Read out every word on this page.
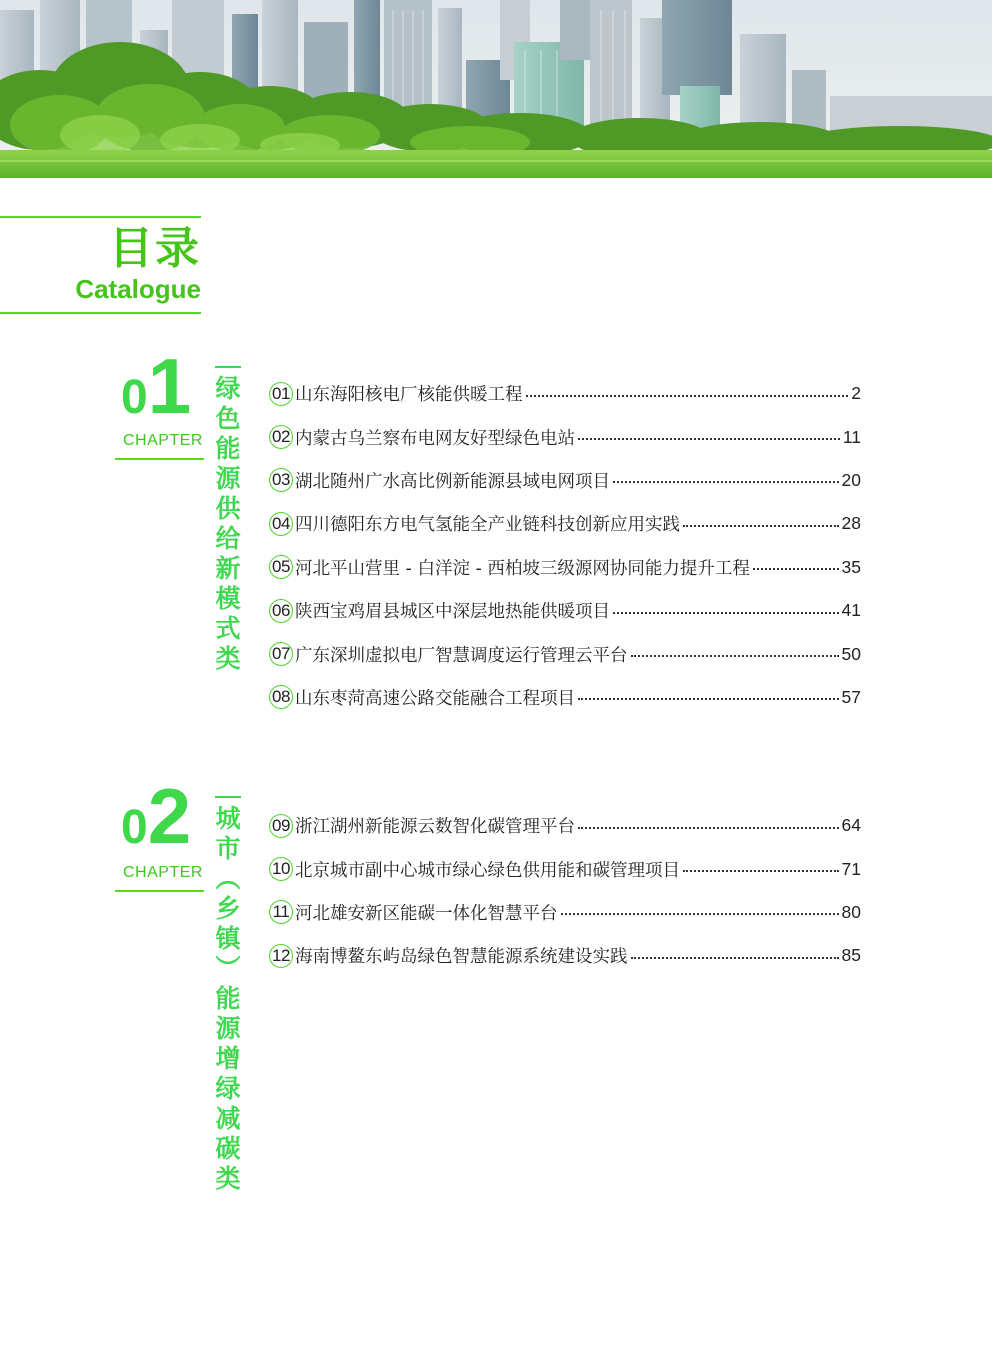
目录
Catalogue
01
CHAPTER
绿
色
能
源
供
给
新
模
式
类
01 山东海阳核电厂核能供暖工程	2
02 内蒙古乌兰察布电网友好型绿色电站	11
03 湖北随州广水高比例新能源县域电网项目	20
04 四川德阳东方电气氢能全产业链科技创新应用实践	28
05 河北平山营里 - 白洋淀 - 西柏坡三级源网协同能力提升工程	35
06 陕西宝鸡眉县城区中深层地热能供暖项目	41
07 广东深圳虚拟电厂智慧调度运行管理云平台	50
08 山东枣菏高速公路交能融合工程项目	57
02
CHAPTER
城
市
︵
乡
镇
︶
能
源
增
绿
减
碳
类
09 浙江湖州新能源云数智化碳管理平台	64
10 北京城市副中心城市绿心绿色供用能和碳管理项目	71
11 河北雄安新区能碳一体化智慧平台	80
12 海南博鳌东屿岛绿色智慧能源系统建设实践	85
